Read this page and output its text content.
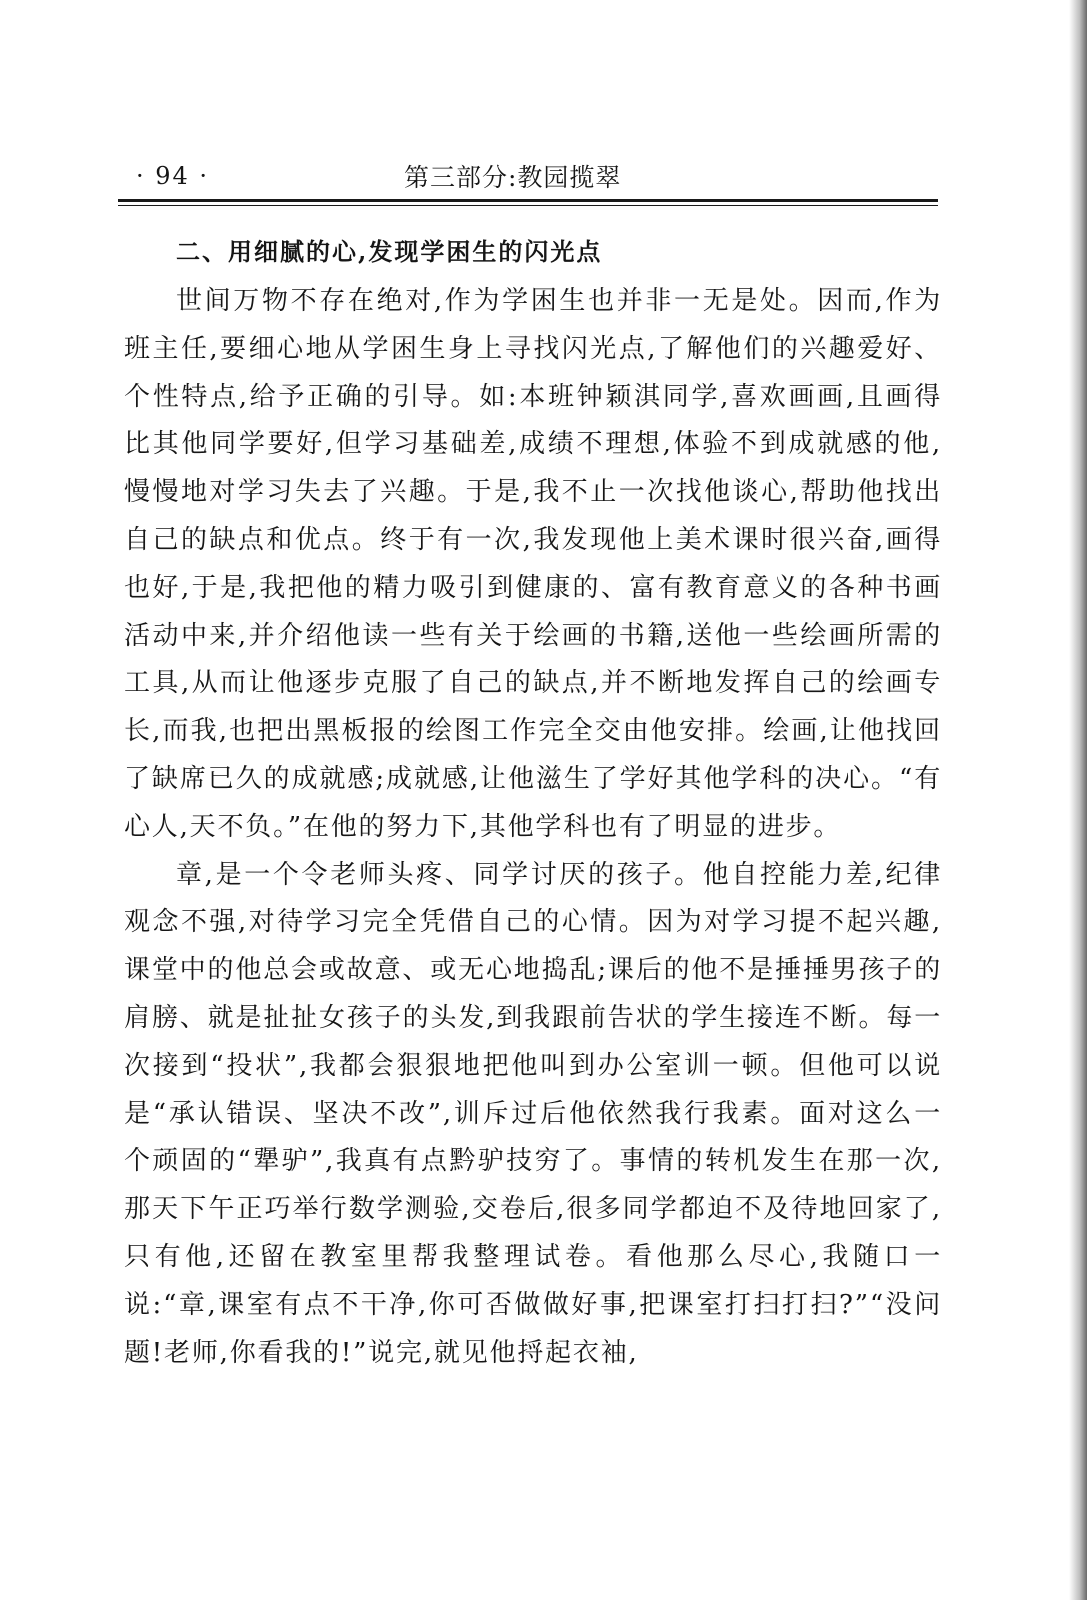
· 94 ·	第三部分:教园揽翠
二、用细腻的心,发现学困生的闪光点

世间万物不存在绝对,作为学困生也并非一无是处。因而,作为班主任,要细心地从学困生身上寻找闪光点,了解他们的兴趣爱好、个性特点,给予正确的引导。如:本班钟颖淇同学,喜欢画画,且画得比其他同学要好,但学习基础差,成绩不理想,体验不到成就感的他,慢慢地对学习失去了兴趣。于是,我不止一次找他谈心,帮助他找出自己的缺点和优点。终于有一次,我发现他上美术课时很兴奋,画得也好,于是,我把他的精力吸引到健康的、富有教育意义的各种书画活动中来,并介绍他读一些有关于绘画的书籍,送他一些绘画所需的工具,从而让他逐步克服了自己的缺点,并不断地发挥自己的绘画专长,而我,也把出黑板报的绘图工作完全交由他安排。绘画,让他找回了缺席已久的成就感;成就感,让他滋生了学好其他学科的决心。“有心人,天不负。”在他的努力下,其他学科也有了明显的进步。

章,是一个令老师头疼、同学讨厌的孩子。他自控能力差,纪律观念不强,对待学习完全凭借自己的心情。因为对学习提不起兴趣,课堂中的他总会或故意、或无心地捣乱;课后的他不是捶捶男孩子的肩膀、就是扯扯女孩子的头发,到我跟前告状的学生接连不断。每一次接到“投状”,我都会狠狠地把他叫到办公室训一顿。但他可以说是“承认错误、坚决不改”,训斥过后他依然我行我素。面对这么一个顽固的“犟驴”,我真有点黔驴技穷了。事情的转机发生在那一次,那天下午正巧举行数学测验,交卷后,很多同学都迫不及待地回家了,只有他,还留在教室里帮我整理试卷。看他那么尽心,我随口一说:“章,课室有点不干净,你可否做做好事,把课室打扫打扫?”“没问题!老师,你看我的!”说完,就见他捋起衣袖,
